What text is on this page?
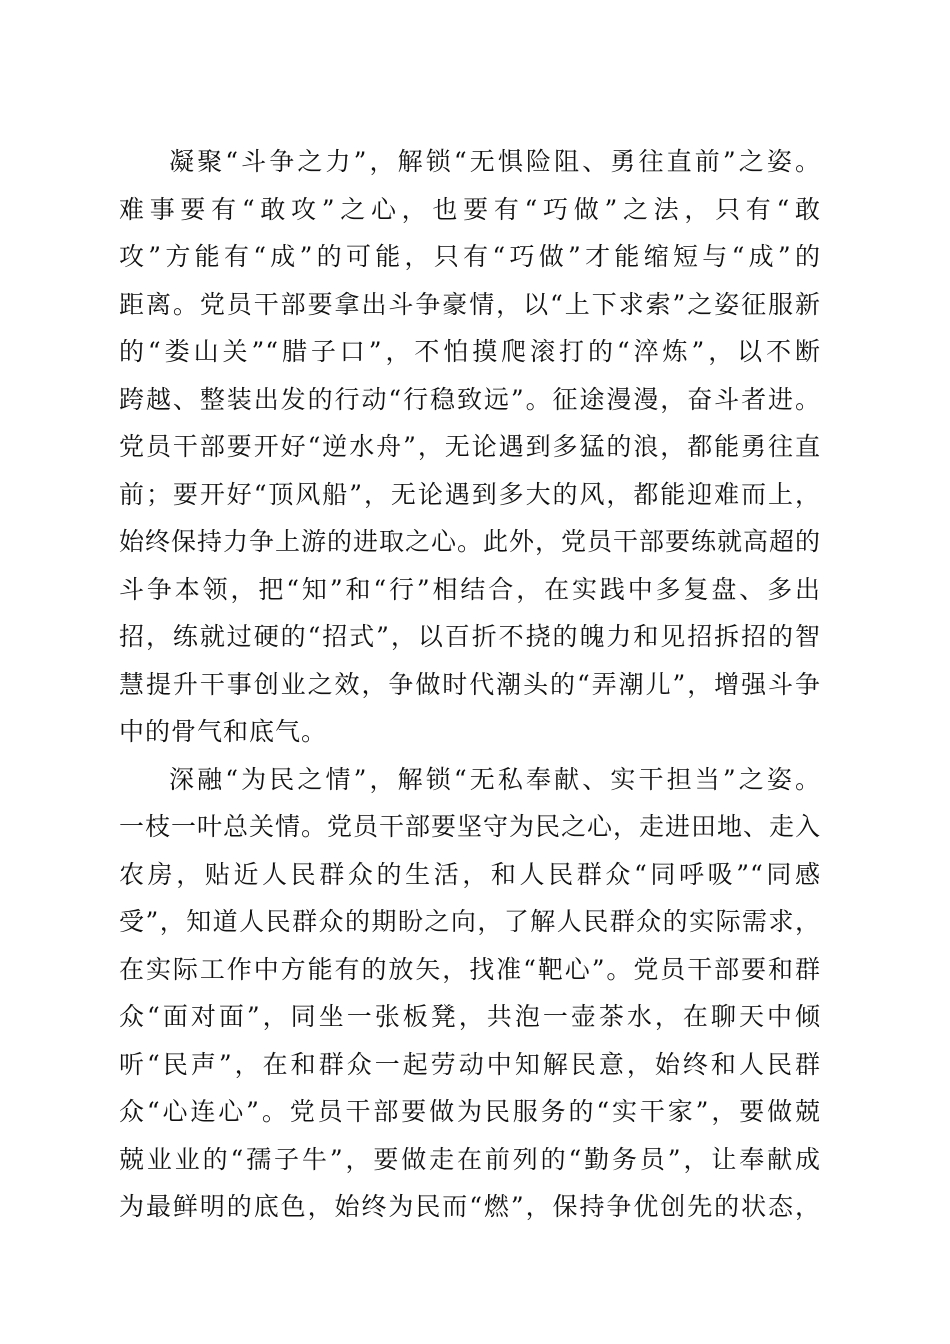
凝聚“斗争之力”，解锁“无惧险阻、勇往直前”之姿。
难事要有“敢攻”之心，也要有“巧做”之法，只有“敢
攻”方能有“成”的可能，只有“巧做”才能缩短与“成”的
距离。党员干部要拿出斗争豪情，以“上下求索”之姿征服新
的“娄山关”“腊子口”，不怕摸爬滚打的“淬炼”，以不断
跨越、整装出发的行动“行稳致远”。征途漫漫，奋斗者进。
党员干部要开好“逆水舟”，无论遇到多猛的浪，都能勇往直
前；要开好“顶风船”，无论遇到多大的风，都能迎难而上，
始终保持力争上游的进取之心。此外，党员干部要练就高超的
斗争本领，把“知”和“行”相结合，在实践中多复盘、多出
招，练就过硬的“招式”，以百折不挠的魄力和见招拆招的智
慧提升干事创业之效，争做时代潮头的“弄潮儿”，增强斗争
中的骨气和底气。
深融“为民之情”，解锁“无私奉献、实干担当”之姿。
一枝一叶总关情。党员干部要坚守为民之心，走进田地、走入
农房，贴近人民群众的生活，和人民群众“同呼吸”“同感
受”，知道人民群众的期盼之向，了解人民群众的实际需求，
在实际工作中方能有的放矢，找准“靶心”。党员干部要和群
众“面对面”，同坐一张板凳，共泡一壶茶水，在聊天中倾
听“民声”，在和群众一起劳动中知解民意，始终和人民群
众“心连心”。党员干部要做为民服务的“实干家”，要做兢
兢业业的“孺子牛”，要做走在前列的“勤务员”，让奉献成
为最鲜明的底色，始终为民而“燃”，保持争优创先的状态，
